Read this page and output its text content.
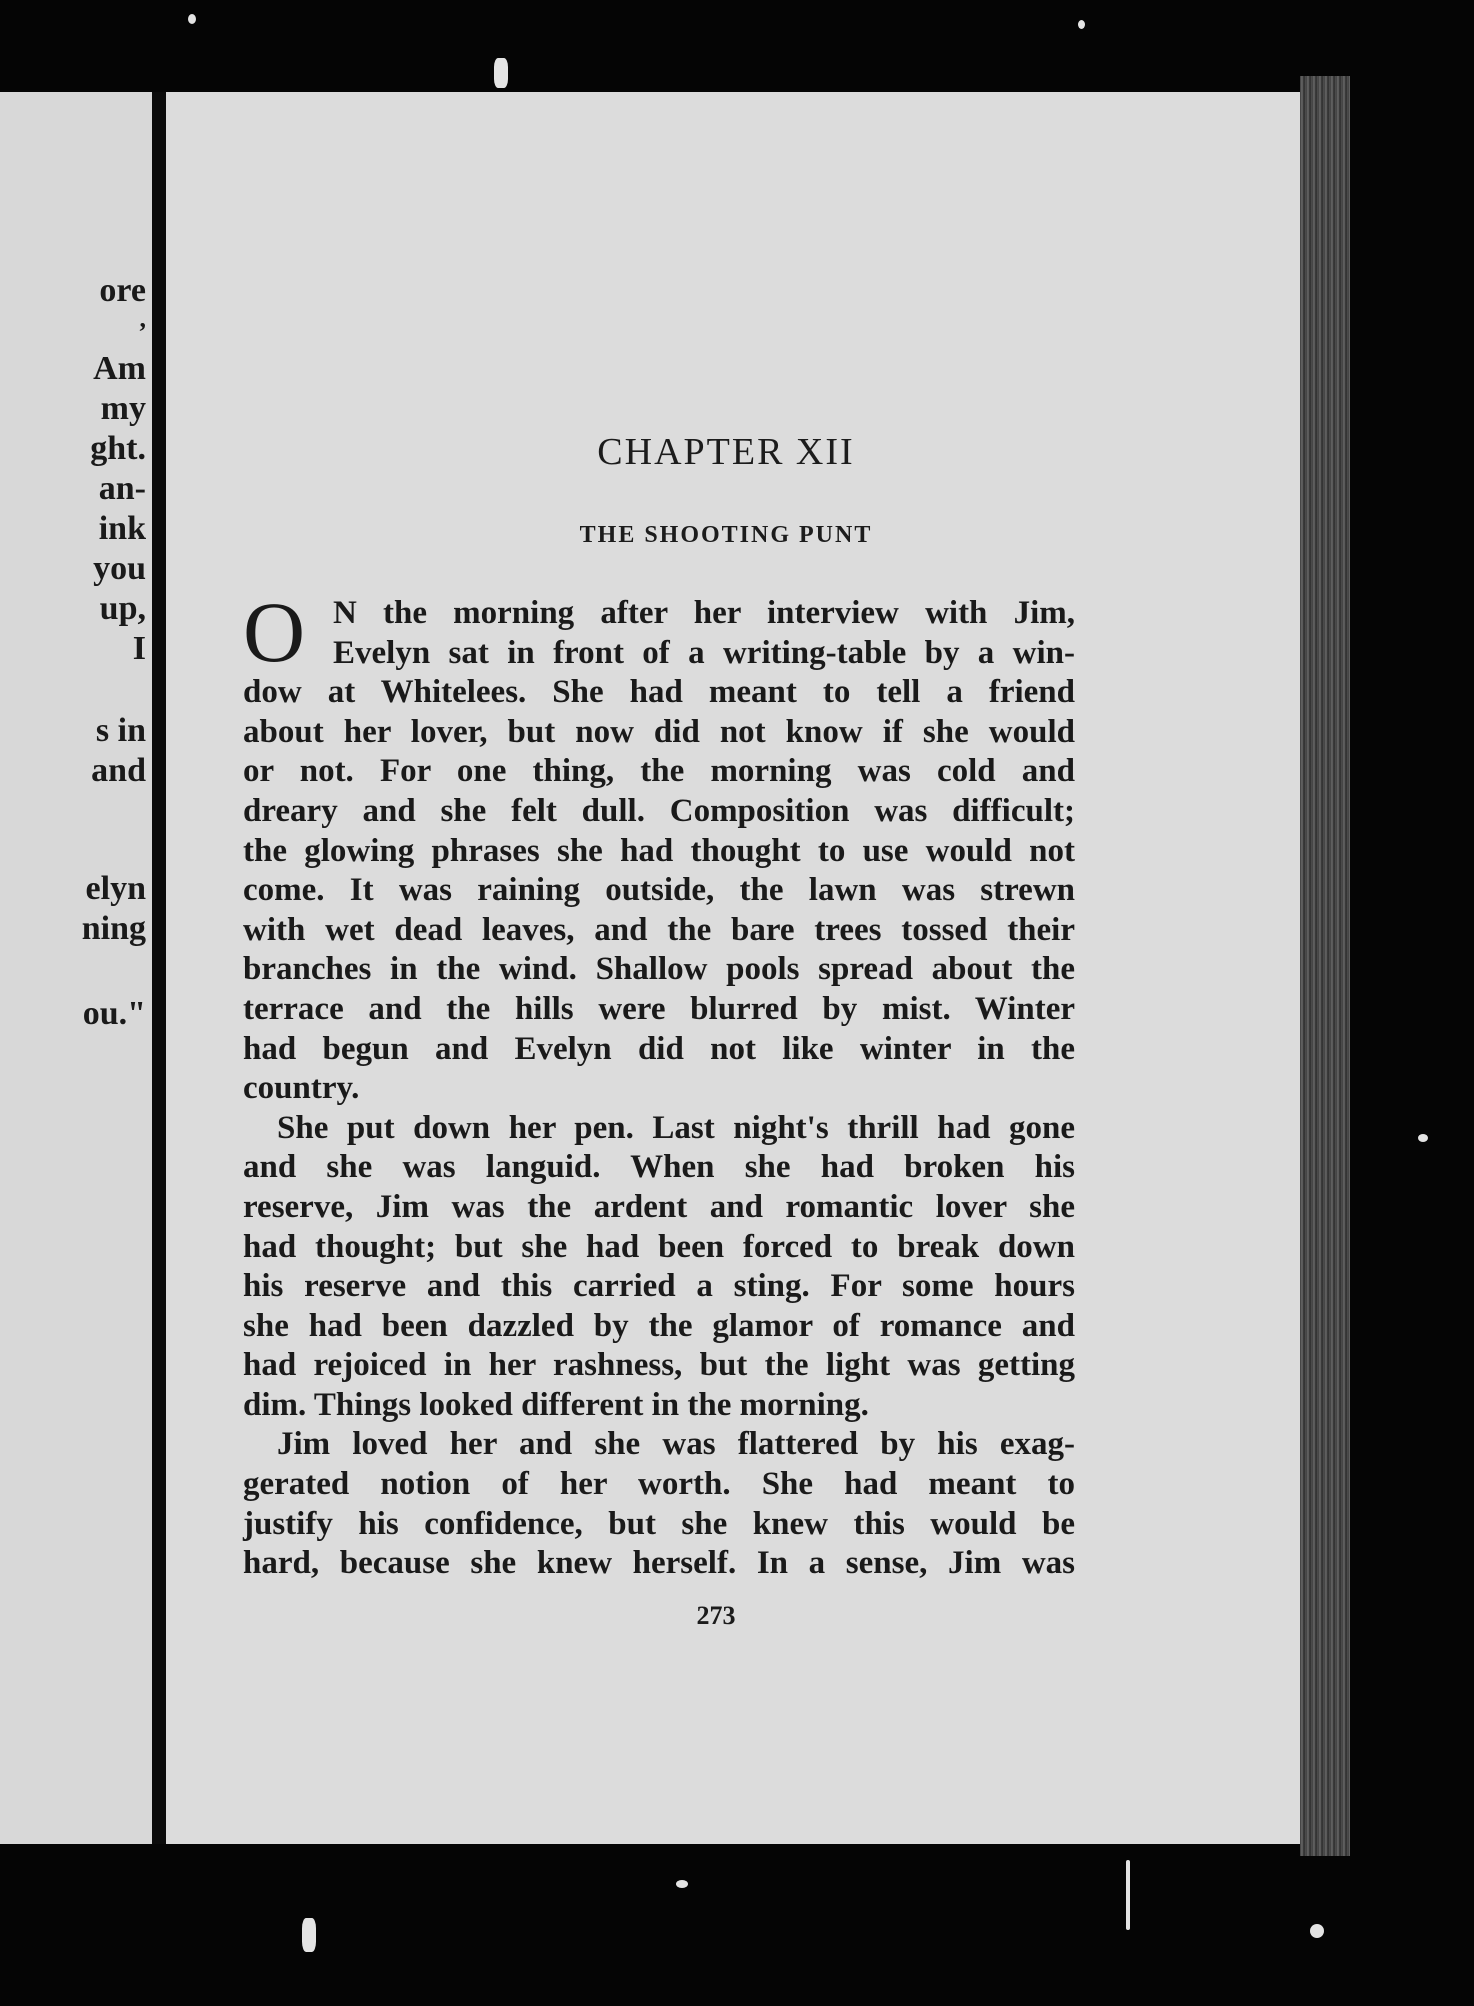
ore
,
Am
my
ght.
an-
ink
you
up,
I
s in
and
elyn
ning
ou."
CHAPTER XII
THE SHOOTING PUNT
O N the morning after her interview with Jim,
Evelyn sat in front of a writing-table by a win-
dow at Whitelees. She had meant to tell a friend
about her lover, but now did not know if she would
or not. For one thing, the morning was cold and
dreary and she felt dull. Composition was difficult;
the glowing phrases she had thought to use would not
come. It was raining outside, the lawn was strewn
with wet dead leaves, and the bare trees tossed their
branches in the wind. Shallow pools spread about the
terrace and the hills were blurred by mist. Winter
had begun and Evelyn did not like winter in the
country.
She put down her pen. Last night's thrill had gone
and she was languid. When she had broken his
reserve, Jim was the ardent and romantic lover she
had thought; but she had been forced to break down
his reserve and this carried a sting. For some hours
she had been dazzled by the glamor of romance and
had rejoiced in her rashness, but the light was getting
dim. Things looked different in the morning.
Jim loved her and she was flattered by his exag-
gerated notion of her worth. She had meant to
justify his confidence, but she knew this would be
hard, because she knew herself. In a sense, Jim was
273
